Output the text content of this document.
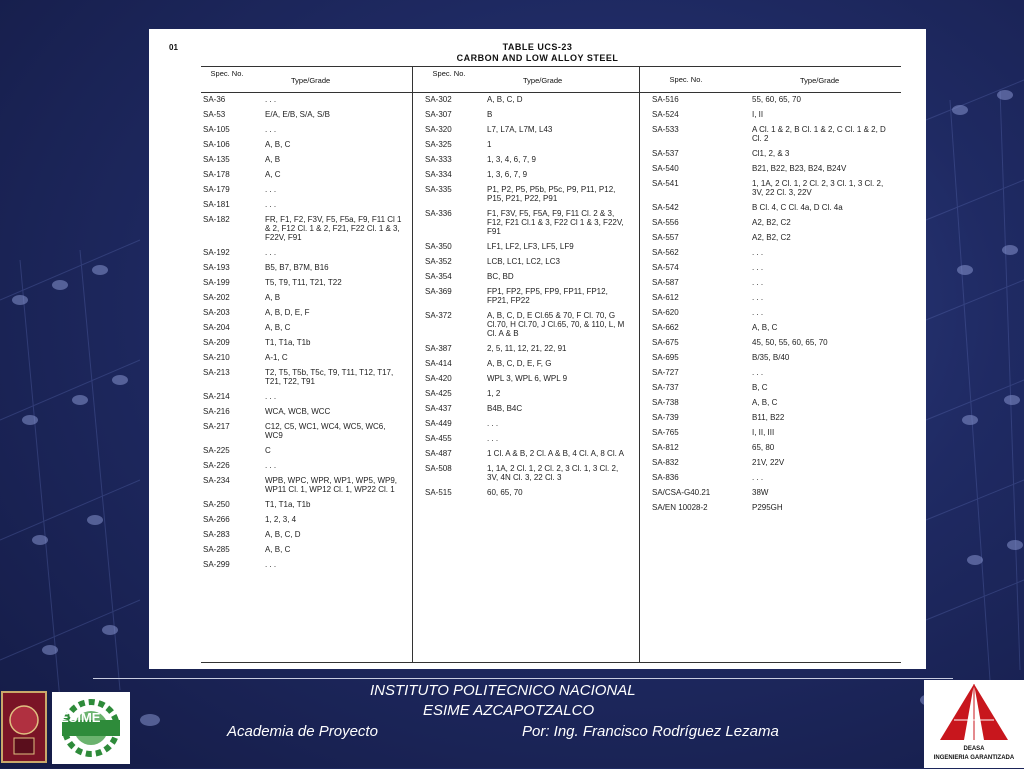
01	TABLE UCS-23
CARBON AND LOW ALLOY STEEL
Spec. No.
Type/Grade
SA-36	. . .
SA-53	E/A, E/B, S/A, S/B
SA-105	. . .
SA-106	A, B, C
SA-135	A, B
SA-178	A, C
SA-179	. . .
SA-181	. . .
SA-182	FR, F1, F2, F3V, F5, F5a, F9, F11 Cl 1 & 2, F12 Cl. 1 & 2, F21, F22 Cl. 1 & 3, F22V, F91
SA-192	. . .
SA-193	B5, B7, B7M, B16
SA-199	T5, T9, T11, T21, T22
SA-202	A, B
SA-203	A, B, D, E, F
SA-204	A, B, C
SA-209	T1, T1a, T1b
SA-210	A-1, C
SA-213	T2, T5, T5b, T5c, T9, T11, T12, T17, T21, T22, T91
SA-214	. . .
SA-216	WCA, WCB, WCC
SA-217	C12, C5, WC1, WC4, WC5, WC6, WC9
SA-225	C
SA-226	. . .
SA-234	WPB, WPC, WPR, WP1, WP5, WP9, WP11 Cl. 1, WP12 Cl. 1, WP22 Cl. 1
SA-250	T1, T1a, T1b
SA-266	1, 2, 3, 4
SA-283	A, B, C, D
SA-285	A, B, C
SA-299	. . .
Spec. No.
Type/Grade
SA-302	A, B, C, D
SA-307	B
SA-320	L7, L7A, L7M, L43
SA-325	1
SA-333	1, 3, 4, 6, 7, 9
SA-334	1, 3, 6, 7, 9
SA-335	P1, P2, P5, P5b, P5c, P9, P11, P12, P15, P21, P22, P91
SA-336	F1, F3V, F5, F5A, F9, F11 Cl. 2 & 3, F12, F21 Cl.1 & 3, F22 Cl 1 & 3, F22V, F91
SA-350	LF1, LF2, LF3, LF5, LF9
SA-352	LCB, LC1, LC2, LC3
SA-354	BC, BD
SA-369	FP1, FP2, FP5, FP9, FP11, FP12, FP21, FP22
SA-372	A, B, C, D, E Cl.65 & 70, F Cl. 70, G Cl.70, H Cl.70, J Cl.65, 70, & 110, L, M Cl. A & B
SA-387	2, 5, 11, 12, 21, 22, 91
SA-414	A, B, C, D, E, F, G
SA-420	WPL 3, WPL 6, WPL 9
SA-425	1, 2
SA-437	B4B, B4C
SA-449	. . .
SA-455	. . .
SA-487	1 Cl. A & B, 2 Cl. A & B, 4 Cl. A, 8 Cl. A
SA-508	1, 1A, 2 Cl. 1, 2 Cl. 2, 3 Cl. 1, 3 Cl. 2, 3V, 4N Cl. 3, 22 Cl. 3
SA-515	60, 65, 70
Spec. No.	Type/Grade
SA-516	55, 60, 65, 70
SA-524	I, II
SA-533	A Cl. 1 & 2, B Cl. 1 & 2, C Cl. 1 & 2, D Cl. 2
SA-537	Cl1, 2, & 3
SA-540	B21, B22, B23, B24, B24V
SA-541	1, 1A, 2 Cl. 1, 2 Cl. 2, 3 Cl. 1, 3 Cl. 2, 3V, 22 Cl. 3, 22V
SA-542	B Cl. 4, C Cl. 4a, D Cl. 4a
SA-556	A2, B2, C2
SA-557	A2, B2, C2
SA-562	. . .
SA-574	. . .
SA-587	. . .
SA-612	. . .
SA-620	. . .
SA-662	A, B, C
SA-675	45, 50, 55, 60, 65, 70
SA-695	B/35, B/40
SA-727	. . .
SA-737	B, C
SA-738	A, B, C
SA-739	B11, B22
SA-765	I, II, III
SA-812	65, 80
SA-832	21V, 22V
SA-836	. . .
SA/CSA-G40.21	38W
SA/EN 10028-2	P295GH
ESIME
INSTITUTO POLITECNICO NACIONAL
ESIME AZCAPOTZALCO
Academia de Proyecto	Por: Ing. Francisco Rodríguez Lezama
DEASA
INGENIERIA GARANTIZADA
